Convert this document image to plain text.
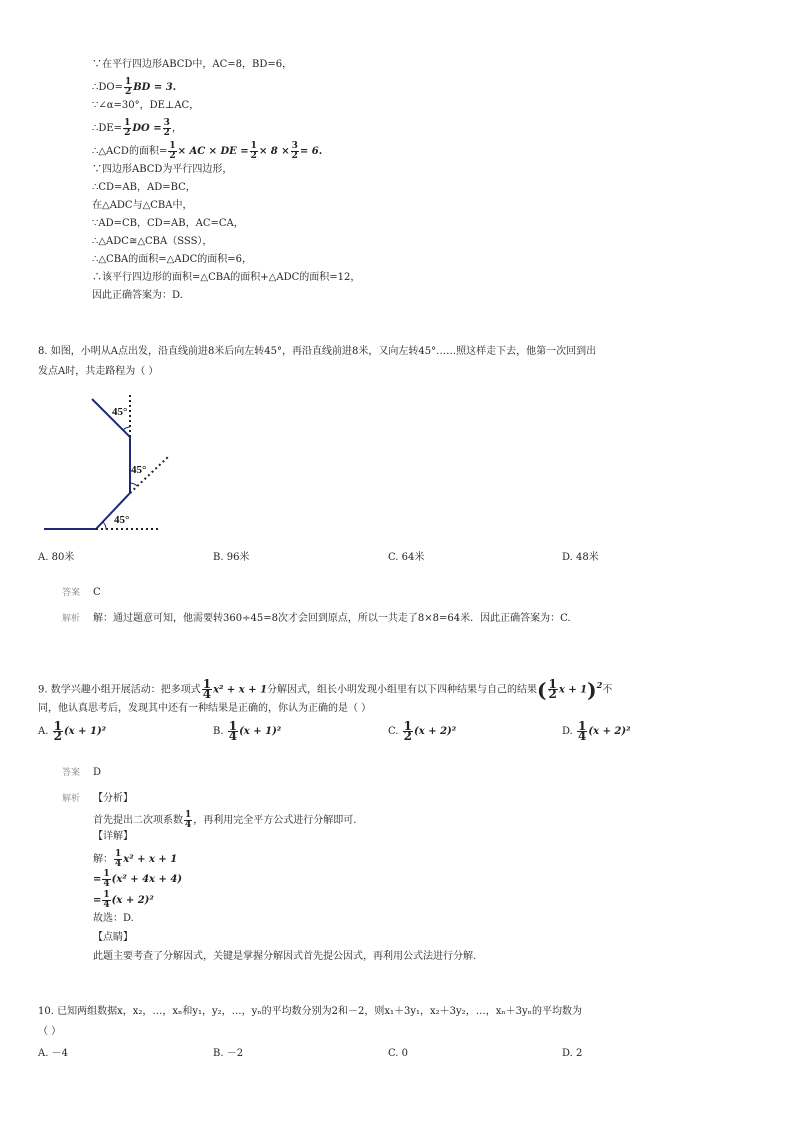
∵在平行四边形ABCD中，AC=8，BD=6，
∴DO= $\frac{1}{2}$ BD = 3.
∵∠α=30°，DE⊥AC，
∴DE= $\frac{1}{2}$ DO = $\frac{3}{2}$ ，
∴△ACD的面积= $\frac{1}{2}$ × AC × DE = $\frac{1}{2} \times 8 \times \frac{3}{2} = 6$.
∵四边形ABCD为平行四边形，
∴CD=AB，AD=BC，
在△ADC与△CBA中，
∵AD=CB，CD=AB，AC=CA，
∴△ADC≅△CBA（SSS），
∴△CBA的面积=△ADC的面积=6，
∴该平行四边形的面积=△CBA的面积+△ADC的面积=12，
因此正确答案为：D.
8. 如图，小明从A点出发，沿直线前进8米后向左转45°，再沿直线前进8米，又向左转45°……照这样走下去，他第一次回到出
发点A时，共走路程为（ ）
45°
45°
45°
A. 80米	B. 96米	C. 64米	D. 48米
答案 C
解析 解：通过题意可知，他需要转360÷45=8次才会回到原点，所以一共走了8×8=64米．因此正确答案为：C.
9. 数学兴趣小组开展活动：把多项式 $\frac{1}{4} x^2 + x + 1$分解因式，组长小明发现小组里有以下四种结果与自己的结果( $\frac{1}{2}$ x + 1)$^2$不
同，他认真思考后，发现其中还有一种结果是正确的，你认为正确的是（ ）
A. $\frac{1}{2} (x + 1)^2$	B. $\frac{1}{4} (x + 1)^2$	C. $\frac{1}{2} (x + 2)^2$	D. $\frac{1}{4} (x + 2)^2$
答案 D
解析 【分析】
首先提出二次项系数 $\frac{1}{4}$ ，再利用完全平方公式进行分解即可.
【详解】
解： $\frac{1}{4} x^2 + x + 1$
= $\frac{1}{4} (x^2 + 4x + 4)$
= $\frac{1}{4} (x + 2)^2$
故选：D.
【点睛】
此题主要考查了分解因式，关键是掌握分解因式首先提公因式，再利用公式法进行分解.
10. 已知两组数据x，x₂，…，xₙ和y₁，y₂，…，yₙ的平均数分别为2和－2，则x₁＋3y₁，x₂＋3y₂，…，xₙ＋3yₙ的平均数为
（ ）
A. －4	B. －2	C. 0	D. 2
